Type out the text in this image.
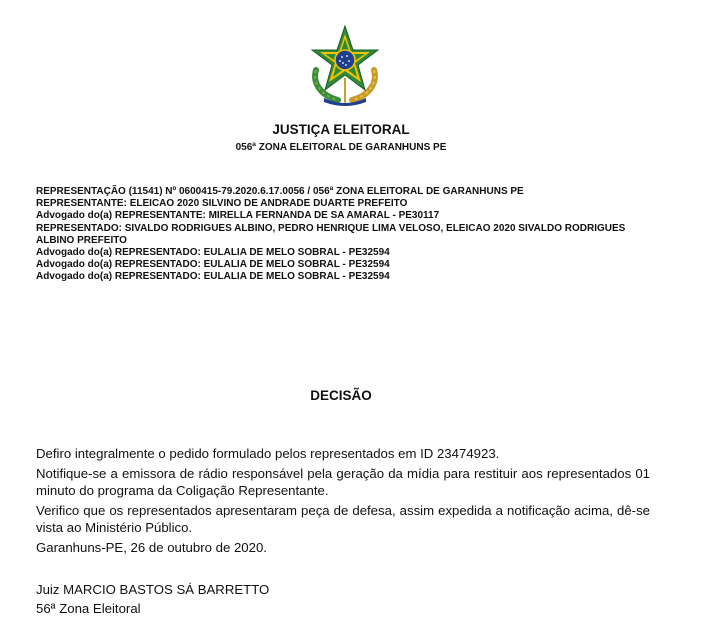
JUSTIÇA ELEITORAL
056ª ZONA ELEITORAL DE GARANHUNS PE
REPRESENTAÇÃO (11541) Nº 0600415-79.2020.6.17.0056 / 056ª ZONA ELEITORAL DE GARANHUNS PE
REPRESENTANTE: ELEICAO 2020 SILVINO DE ANDRADE DUARTE PREFEITO
Advogado do(a) REPRESENTANTE: MIRELLA FERNANDA DE SA AMARAL - PE30117
REPRESENTADO: SIVALDO RODRIGUES ALBINO, PEDRO HENRIQUE LIMA VELOSO, ELEICAO 2020 SIVALDO RODRIGUES ALBINO PREFEITO
Advogado do(a) REPRESENTADO: EULALIA DE MELO SOBRAL - PE32594
Advogado do(a) REPRESENTADO: EULALIA DE MELO SOBRAL - PE32594
Advogado do(a) REPRESENTADO: EULALIA DE MELO SOBRAL - PE32594
DECISÃO

Defiro integralmente o pedido formulado pelos representados em ID 23474923.

Notifique-se a emissora de rádio responsável pela geração da mídia para restituir aos representados 01 minuto do programa da Coligação Representante.

Verifico que os representados apresentaram peça de defesa, assim expedida a notificação acima, dê-se vista ao Ministério Público.

Garanhuns-PE, 26 de outubro de 2020.

Juiz MARCIO BASTOS SÁ BARRETTO
56ª Zona Eleitoral
